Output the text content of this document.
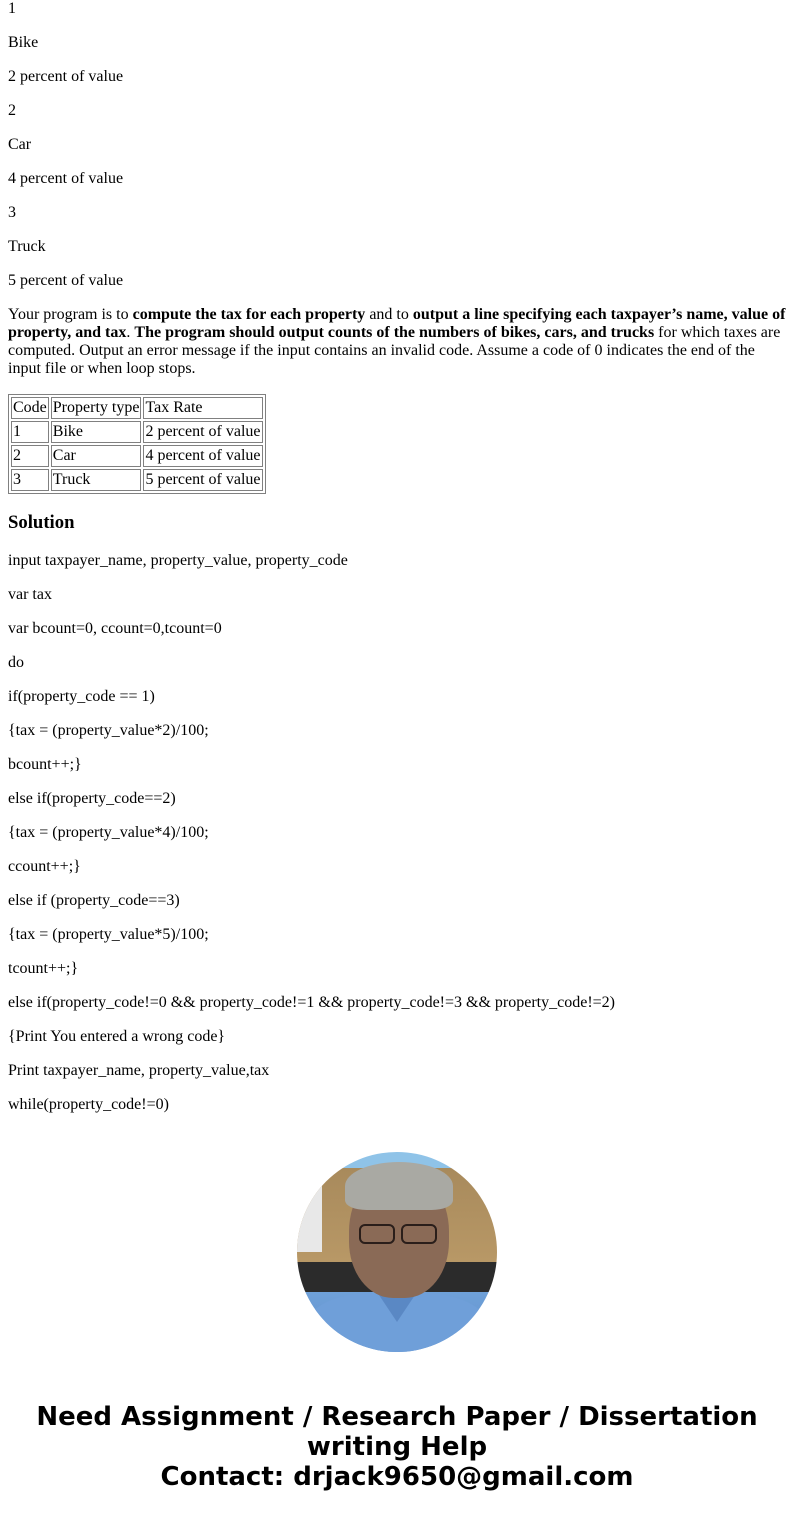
1

Bike

2 percent of value

2

Car

4 percent of value

3

Truck

5 percent of value

Your program is to compute the tax for each property and to output a line specifying each taxpayer’s name, value of property, and tax. The program should output counts of the numbers of bikes, cars, and trucks for which taxes are computed. Output an error message if the input contains an invalid code. Assume a code of 0 indicates the end of the input file or when loop stops.

Code	Property type	Tax Rate
1	Bike	2 percent of value
2	Car	4 percent of value
3	Truck	5 percent of value
Solution

input taxpayer_name, property_value, property_code

var tax

var bcount=0, ccount=0,tcount=0

do

if(property_code == 1)

{tax = (property_value*2)/100;

bcount++;}

else if(property_code==2)

{tax = (property_value*4)/100;

ccount++;}

else if (property_code==3)

{tax = (property_value*5)/100;

tcount++;}

else if(property_code!=0 && property_code!=1 && property_code!=3 && property_code!=2)

{Print You entered a wrong code}

Print taxpayer_name, property_value,tax

while(property_code!=0)

Need Assignment / Research Paper / Dissertation writing Help
Contact: drjack9650@gmail.com
